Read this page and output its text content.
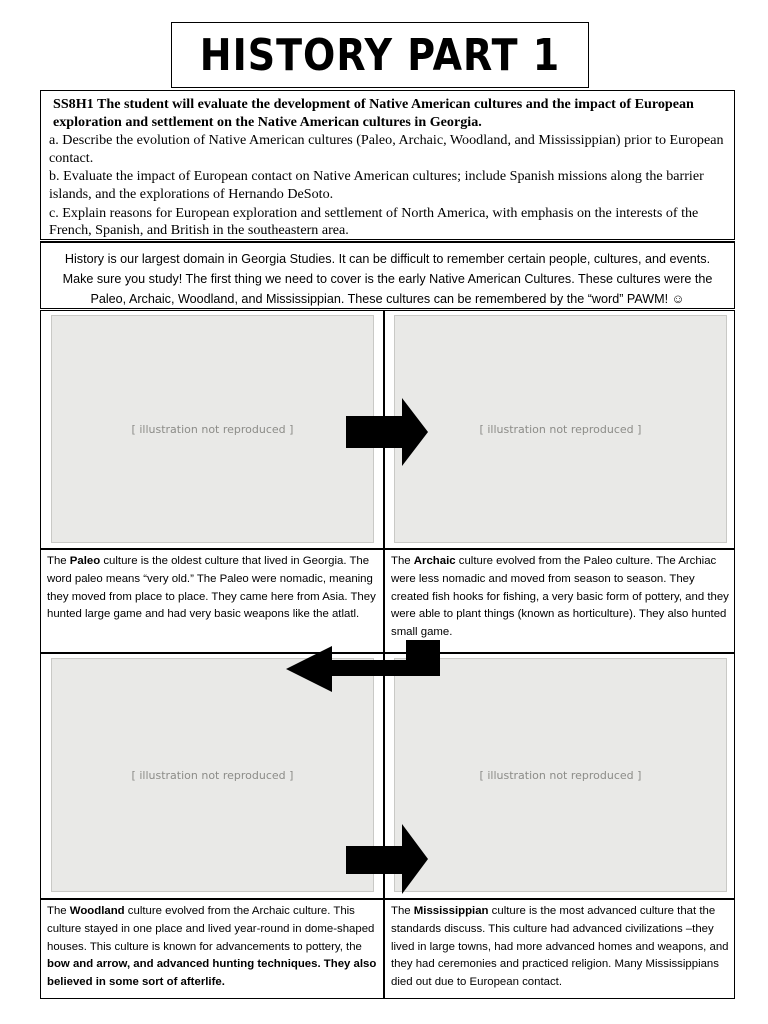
HISTORY PART 1

SS8H1 The student will evaluate the development of Native American cultures and the impact of European exploration and settlement on the Native American cultures in Georgia.

a. Describe the evolution of Native American cultures (Paleo, Archaic, Woodland, and Mississippian) prior to European contact.

b. Evaluate the impact of European contact on Native American cultures; include Spanish missions along the barrier islands, and the explorations of Hernando DeSoto.

c. Explain reasons for European exploration and settlement of North America, with emphasis on the interests of the French, Spanish, and British in the southeastern area.

History is our largest domain in Georgia Studies. It can be difficult to remember certain people, cultures, and events. Make sure you study! The first thing we need to cover is the early Native American Cultures. These cultures were the Paleo, Archaic, Woodland, and Mississippian. These cultures can be remembered by the “word” PAWM! ☺

[ illustration not reproduced ]	[ illustration not reproduced ]

The Paleo culture is the oldest culture that lived in Georgia. The word paleo means “very old.” The Paleo were nomadic, meaning they moved from place to place. They came here from Asia. They hunted large game and had very basic weapons like the atlatl.

The Archaic culture evolved from the Paleo culture. The Archiac were less nomadic and moved from season to season. They created fish hooks for fishing, a very basic form of pottery, and they were able to plant things (known as horticulture). They also hunted small game.

[ illustration not reproduced ]	[ illustration not reproduced ]

The Woodland culture evolved from the Archaic culture. This culture stayed in one place and lived year-round in dome-shaped houses. This culture is known for advancements to pottery, the bow and arrow, and advanced hunting techniques. They also believed in some sort of afterlife.

The Mississippian culture is the most advanced culture that the standards discuss. This culture had advanced civilizations –they lived in large towns, had more advanced homes and weapons, and they had ceremonies and practiced religion. Many Mississippians died out due to European contact.
